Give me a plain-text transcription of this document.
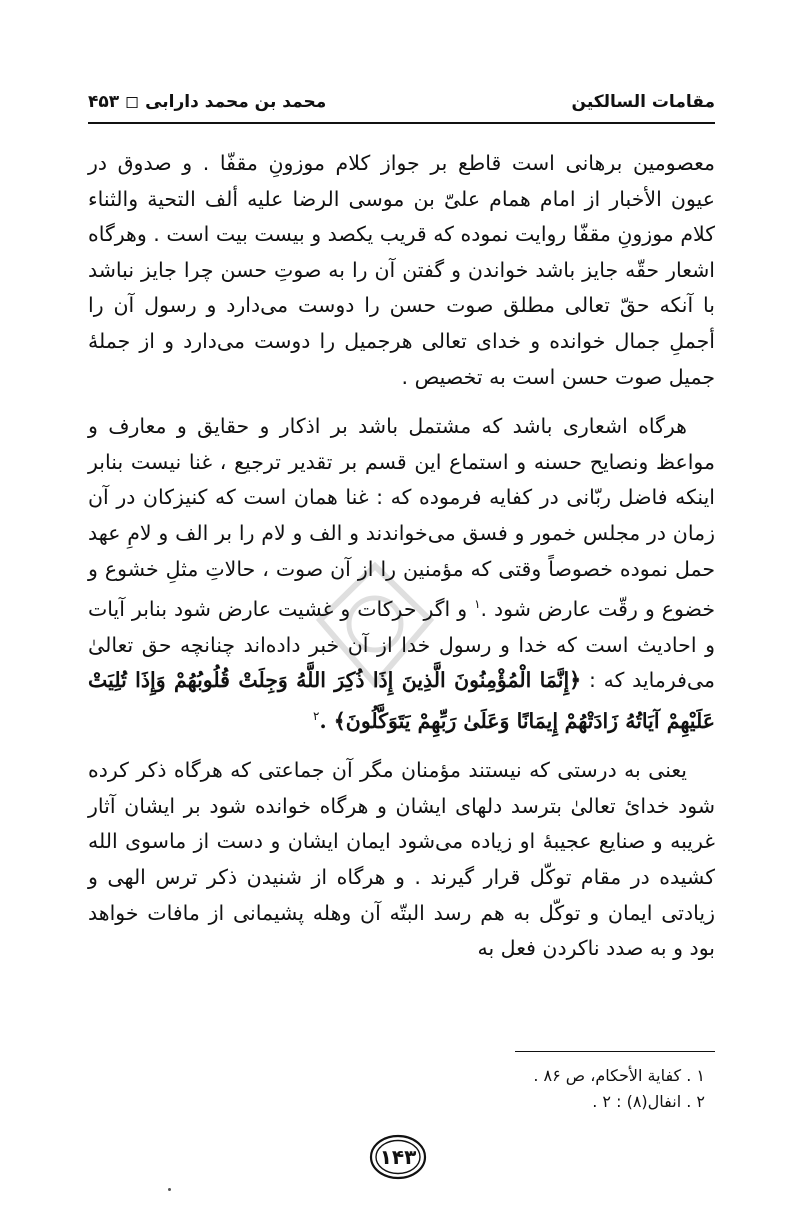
مقامات السالکین
محمد بن محمد دارابی ◻ ۴۵۳

معصومین برهانی است قاطع بر جواز کلام موزونِ مقفّا . و صدوق در عیون الأخبار از امام همام علیّ بن موسی الرضا علیه ألف التحیة والثناء کلام موزونِ مقفّا روایت نموده که قریب یکصد و بیست بیت است . وهرگاه اشعار حقّه جایز باشد خواندن و گفتن آن را به صوتِ حسن چرا جایز نباشد با آنکه حقّ تعالی مطلق صوت حسن را دوست می‌دارد و رسول آن را أجملِ جمال خوانده و خدای تعالی هرجمیل را دوست می‌دارد و از جملهٔ جمیل صوت حسن است به تخصیص .

هرگاه اشعاری باشد که مشتمل باشد بر اذکار و حقایق و معارف و مواعظ ونصایح حسنه و استماع این قسم بر تقدیر ترجیع ، غنا نیست بنابر اینکه فاضل ربّانی در کفایه فرموده که : غنا همان است که کنیزکان در آن زمان در مجلس خمور و فسق می‌خواندند و الف و لام را بر الف و لامِ عهد حمل نموده خصوصاً وقتی که مؤمنین را از آن صوت ، حالاتِ مثلِ خشوع و خضوع و رقّت عارض شود .$^۱$ و اگر حرکات و غشیت عارض شود بنابر آیات و احادیث است که خدا و رسول خدا از آن خبر داده‌اند چنانچه حق تعالیٰ می‌فرماید که : ﴿إِنَّمَا الْمُؤْمِنُونَ الَّذِينَ إِذَا ذُكِرَ اللَّهُ وَجِلَتْ قُلُوبُهُمْ وَإِذَا تُلِيَتْ عَلَيْهِمْ آيَاتُهُ زَادَتْهُمْ إِيمَانًا وَعَلَىٰ رَبِّهِمْ يَتَوَكَّلُونَ﴾ .$^۲$

یعنی به درستی که نیستند مؤمنان مگر آن جماعتی که هرگاه ذکر کرده شود خدایٔ تعالیٰ بترسد دلهای ایشان و هرگاه خوانده شود بر ایشان آثار غریبه و صنایع عجیبهٔ او زیاده می‌شود ایمان ایشان و دست از ماسوی الله کشیده در مقام توکّل قرار گیرند . و هرگاه از شنیدن ذکر ترس الهی و زیادتی ایمان و توکّل به هم رسد البتّه آن وهله پشیمانی از مافات خواهد بود و به صدد ناکردن فعل به

۱ . کفایة الأحکام، ص ۸۶ .
۲ . انفال(۸) : ۲ .
۱۴۳
